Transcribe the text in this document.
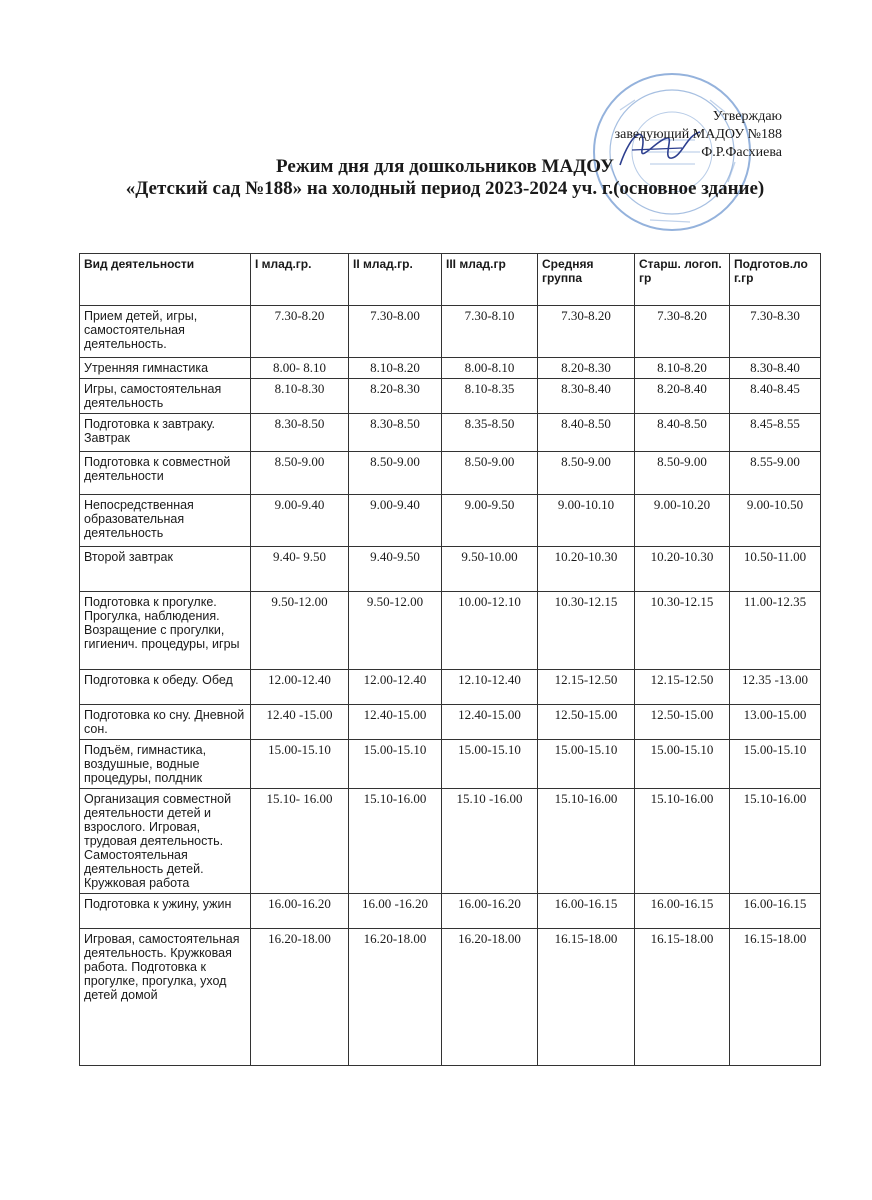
Утверждаю
заведующий МАДОУ №188
Ф.Р.Фасхиева
Режим дня для дошкольников МАДОУ
«Детский сад №188» на холодный период 2023-2024 уч. г.(основное здание)
Вид деятельности	I млад.гр.	II млад.гр.	III млад.гр	Средняя группа	Старш. логоп. гр	Подготов.ло г.гр
Прием детей, игры, самостоятельная деятельность.	7.30-8.20	7.30-8.00	7.30-8.10	7.30-8.20	7.30-8.20	7.30-8.30
Утренняя гимнастика	8.00- 8.10	8.10-8.20	8.00-8.10	8.20-8.30	8.10-8.20	8.30-8.40
Игры, самостоятельная деятельность	8.10-8.30	8.20-8.30	8.10-8.35	8.30-8.40	8.20-8.40	8.40-8.45
Подготовка к завтраку. Завтрак	8.30-8.50	8.30-8.50	8.35-8.50	8.40-8.50	8.40-8.50	8.45-8.55
Подготовка к совместной деятельности	8.50-9.00	8.50-9.00	8.50-9.00	8.50-9.00	8.50-9.00	8.55-9.00
Непосредственная образовательная деятельность	9.00-9.40	9.00-9.40	9.00-9.50	9.00-10.10	9.00-10.20	9.00-10.50
Второй завтрак	9.40- 9.50	9.40-9.50	9.50-10.00	10.20-10.30	10.20-10.30	10.50-11.00
Подготовка к прогулке. Прогулка, наблюдения. Возращение с прогулки, гигиенич. процедуры, игры	9.50-12.00	9.50-12.00	10.00-12.10	10.30-12.15	10.30-12.15	11.00-12.35
Подготовка к обеду. Обед	12.00-12.40	12.00-12.40	12.10-12.40	12.15-12.50	12.15-12.50	12.35 -13.00
Подготовка ко сну. Дневной сон.	12.40 -15.00	12.40-15.00	12.40-15.00	12.50-15.00	12.50-15.00	13.00-15.00
Подъём, гимнастика, воздушные, водные процедуры, полдник	15.00-15.10	15.00-15.10	15.00-15.10	15.00-15.10	15.00-15.10	15.00-15.10
Организация совместной деятельности детей и взрослого. Игровая, трудовая деятельность. Самостоятельная деятельность детей. Кружковая работа	15.10- 16.00	15.10-16.00	15.10 -16.00	15.10-16.00	15.10-16.00	15.10-16.00
Подготовка к ужину, ужин	16.00-16.20	16.00 -16.20	16.00-16.20	16.00-16.15	16.00-16.15	16.00-16.15
Игровая, самостоятельная деятельность. Кружковая работа. Подготовка к прогулке, прогулка, уход детей домой	16.20-18.00	16.20-18.00	16.20-18.00	16.15-18.00	16.15-18.00	16.15-18.00
